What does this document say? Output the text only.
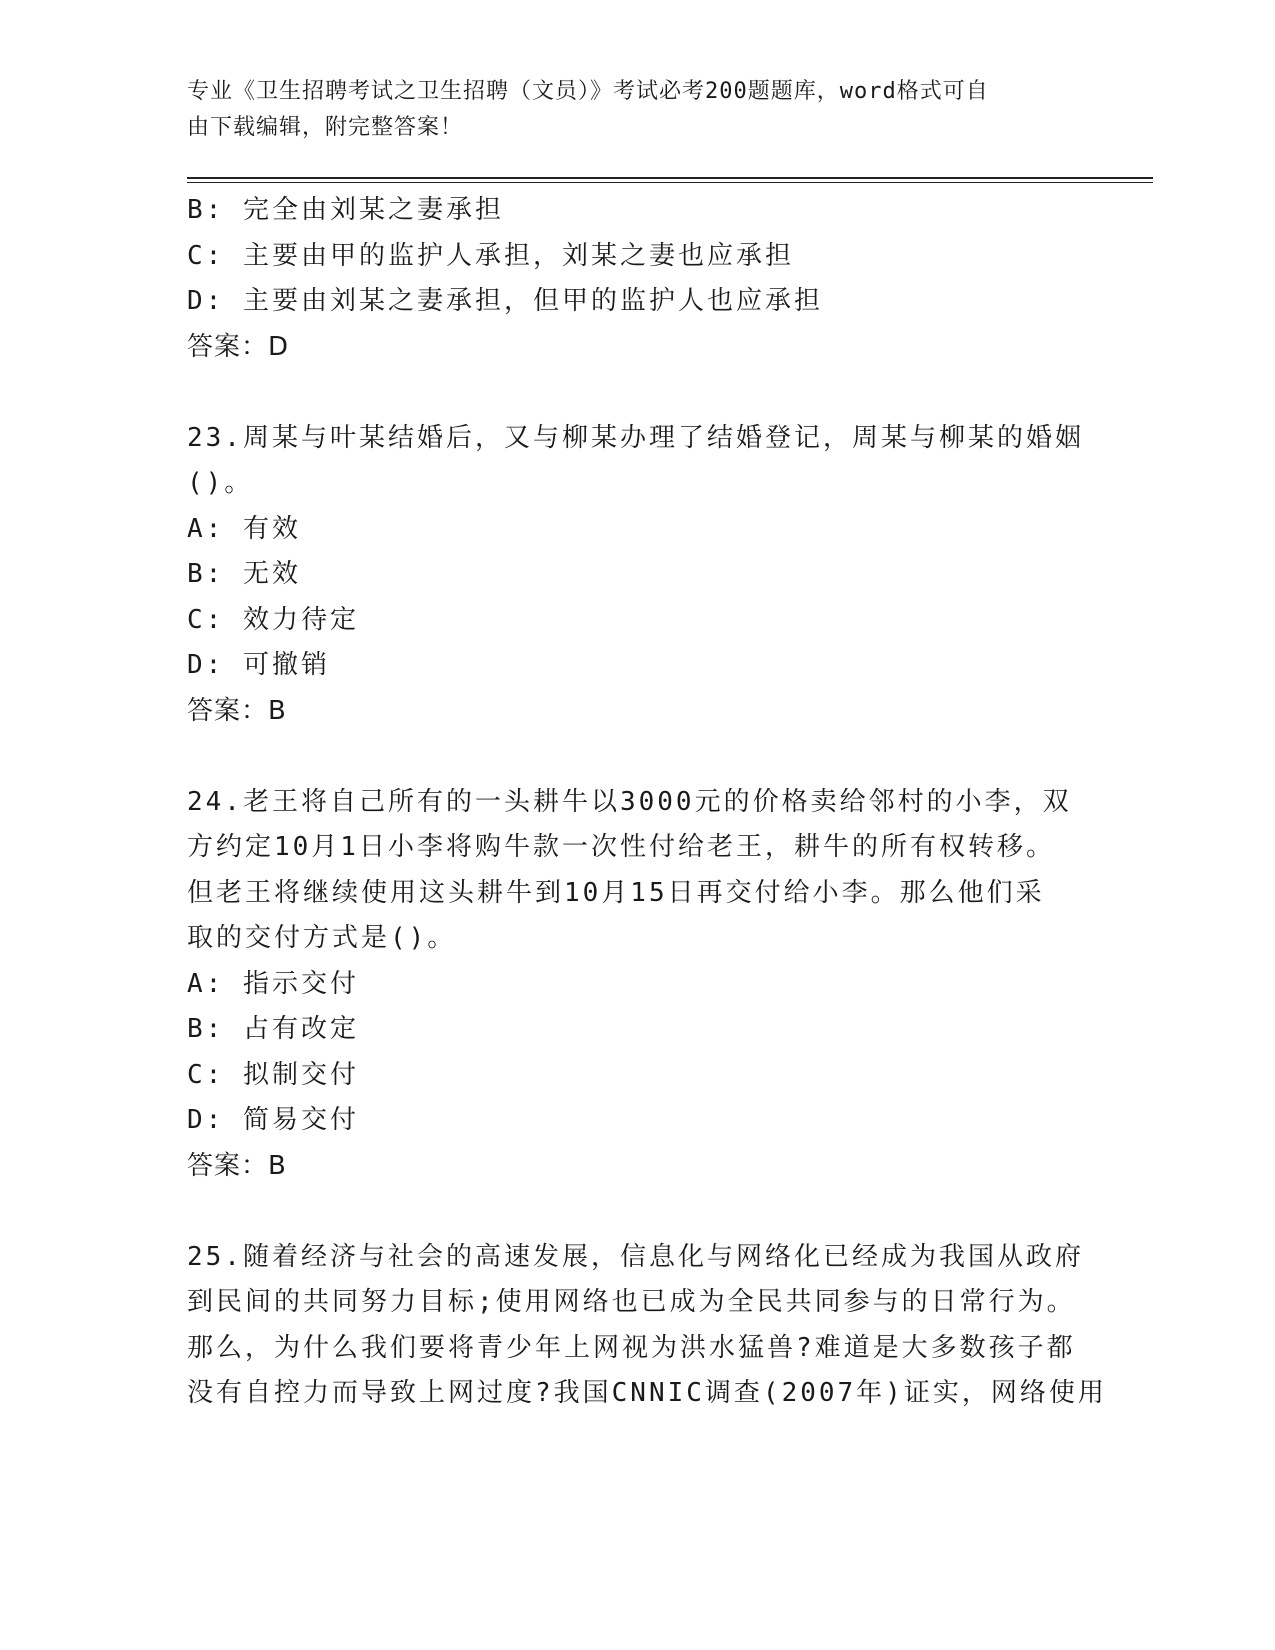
专业《卫生招聘考试之卫生招聘（文员）》考试必考200题题库，word格式可自
由下载编辑，附完整答案！
B: 完全由刘某之妻承担
C: 主要由甲的监护人承担，刘某之妻也应承担
D: 主要由刘某之妻承担，但甲的监护人也应承担
答案：D
23.周某与叶某结婚后，又与柳某办理了结婚登记，周某与柳某的婚姻
()。
A: 有效
B: 无效
C: 效力待定
D: 可撤销
答案：B
24.老王将自己所有的一头耕牛以3000元的价格卖给邻村的小李，双
方约定10月1日小李将购牛款一次性付给老王，耕牛的所有权转移。
但老王将继续使用这头耕牛到10月15日再交付给小李。那么他们采
取的交付方式是()。
A: 指示交付
B: 占有改定
C: 拟制交付
D: 简易交付
答案：B
25.随着经济与社会的高速发展，信息化与网络化已经成为我国从政府
到民间的共同努力目标;使用网络也已成为全民共同参与的日常行为。
那么，为什么我们要将青少年上网视为洪水猛兽?难道是大多数孩子都
没有自控力而导致上网过度?我国CNNIC调查(2007年)证实，网络使用
